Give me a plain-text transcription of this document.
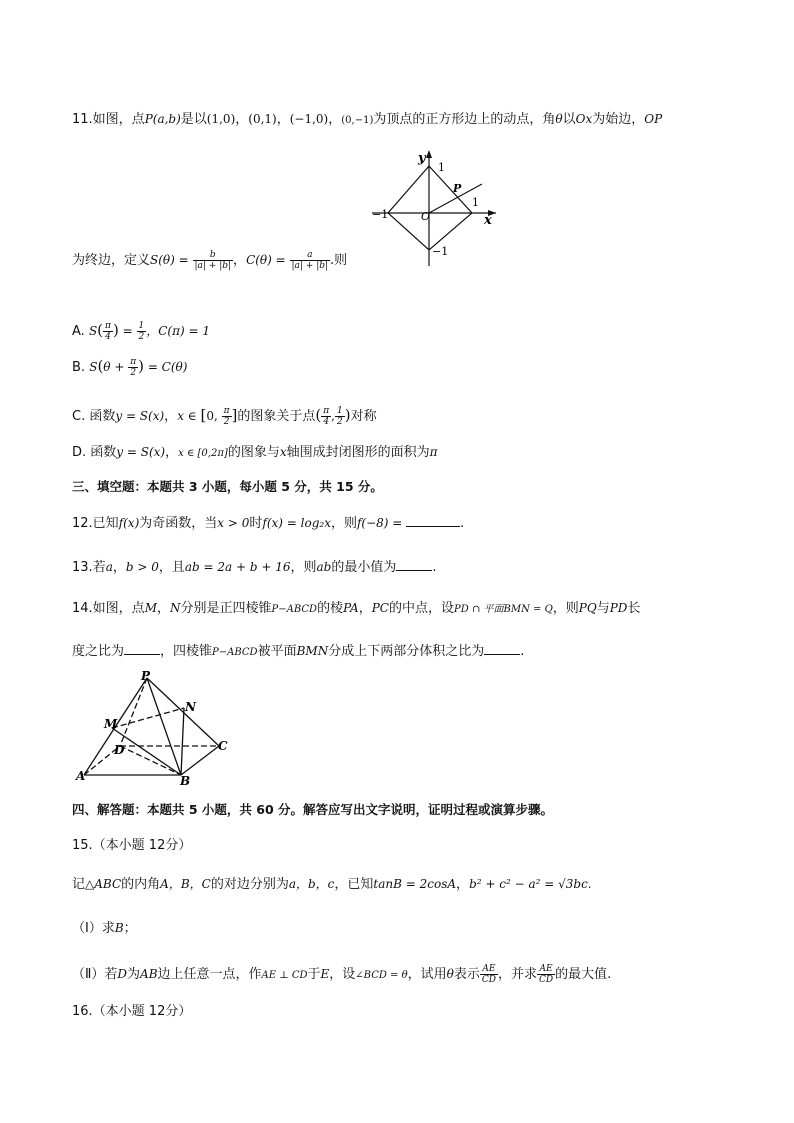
11.如图，点P(a,b)是以(1,0)，(0,1)，(−1,0)，(0,−1)为顶点的正方形边上的动点，角θ以Ox为始边，OP
y
1
P
O
1
x
−1
−1
为终边，定义$S(\theta) = \frac{b}{|a| + |b|}$ ，$C(\theta) = \frac{a}{|a| + |b|}$ .则
A. $S( \frac{\pi}{4}$ ) = $\frac{1}{2}$ ，C(π) = 1
B. $S(\theta + \frac{\pi}{2}$ ) = C(θ)
C. 函数y = S(x)，x ∈ [0, $\frac{\pi}{2}$ ]的图象关于点( $\frac{\pi}{4}$ , $\frac{1}{2}$ )对称
D. 函数y = S(x)，x ∈ [0,2π]的图象与x轴围成封闭图形的面积为π
三、填空题：本题共 3 小题，每小题 5 分，共 15 分。
12.已知f(x)为奇函数，当x > 0时f(x) = log₂x，则f(−8) =	.
13.若a，b > 0，且ab = 2a + b + 16，则ab的最小值为	.
14.如图，点M，N分别是正四棱锥P−ABCD的棱PA，PC的中点，设PD ∩ 平面BMN = Q，则PQ与PD长
度之比为	，四棱锥P−ABCD被平面BMN分成上下两部分体积之比为	.
P
N
M
D	C
A	B
四、解答题：本题共 5 小题，共 60 分。解答应写出文字说明，证明过程或演算步骤。
15.（本小题 12分）
记△ABC的内角A，B，C的对边分别为a，b，c，已知tanB = 2cosA，b² + c² − a² = √3bc.
（Ⅰ）求B；
（Ⅱ）若D为AB边上任意一点，作AE ⊥ CD于E，设∠BCD = θ，试用θ表示 $\frac{AE}{CD}$ ，并求 $\frac{AE}{CD}$ 的最大值.
16.（本小题 12分）
